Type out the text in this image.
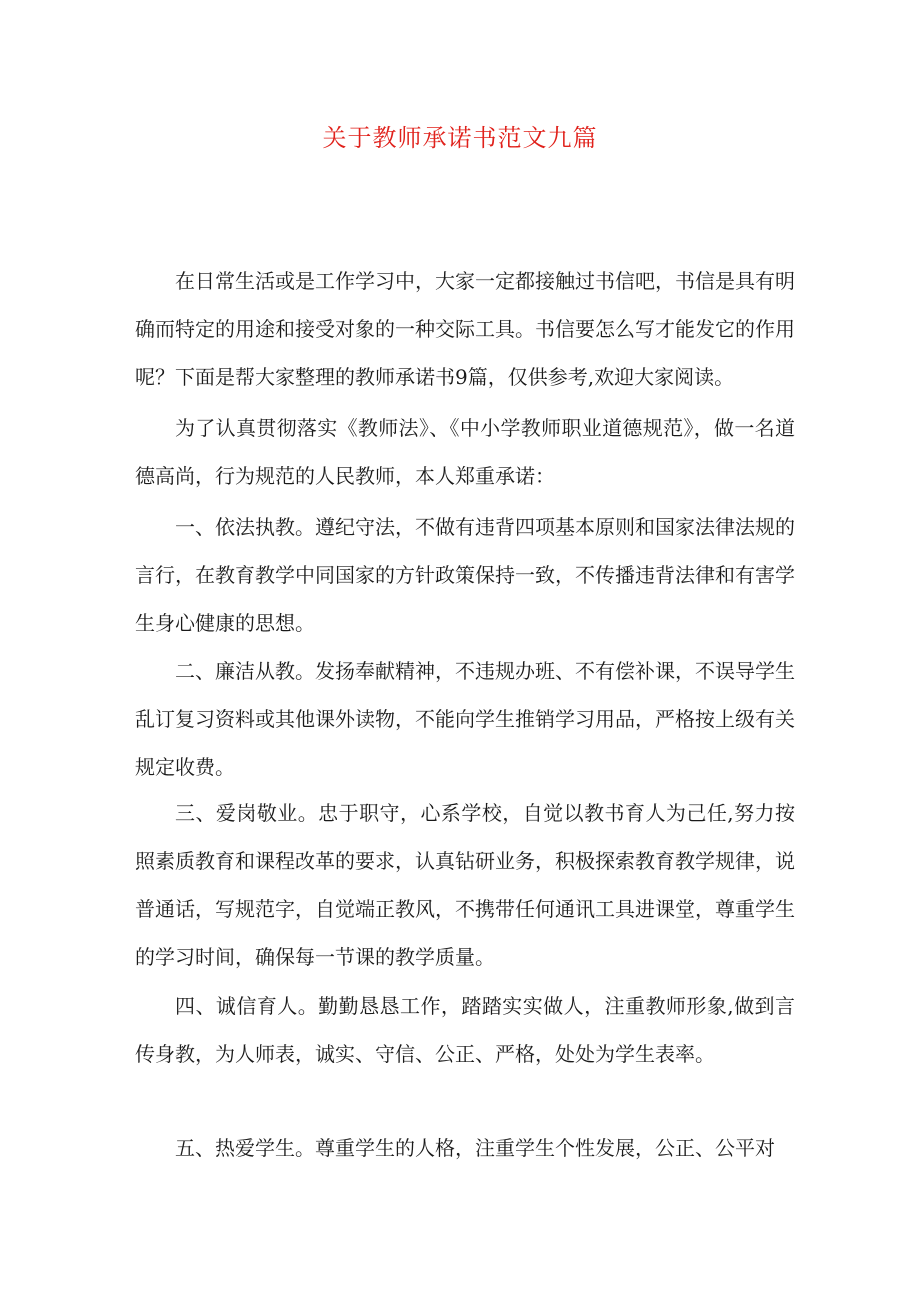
关于教师承诺书范文九篇

在日常生活或是工作学习中，大家一定都接触过书信吧，书信是具有明确而特定的用途和接受对象的一种交际工具。书信要怎么写才能发它的作用呢？下面是帮大家整理的教师承诺书9篇，仅供参考,欢迎大家阅读。

为了认真贯彻落实《教师法》、《中小学教师职业道德规范》，做一名道德高尚，行为规范的人民教师，本人郑重承诺：

一、依法执教。遵纪守法，不做有违背四项基本原则和国家法律法规的言行，在教育教学中同国家的方针政策保持一致，不传播违背法律和有害学生身心健康的思想。

二、廉洁从教。发扬奉献精神，不违规办班、不有偿补课，不误导学生乱订复习资料或其他课外读物，不能向学生推销学习用品，严格按上级有关规定收费。

三、爱岗敬业。忠于职守，心系学校，自觉以教书育人为己任,努力按照素质教育和课程改革的要求，认真钻研业务，积极探索教育教学规律，说普通话，写规范字，自觉端正教风，不携带任何通讯工具进课堂，尊重学生的学习时间，确保每一节课的教学质量。

四、诚信育人。勤勤恳恳工作，踏踏实实做人，注重教师形象,做到言传身教，为人师表，诚实、守信、公正、严格，处处为学生表率。

五、热爱学生。尊重学生的人格，注重学生个性发展，公正、公平对
